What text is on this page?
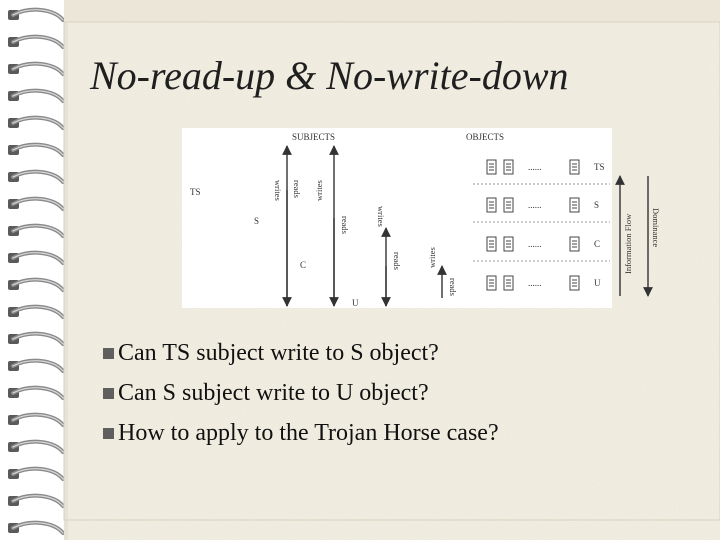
No-read-up & No-write-down
SUBJECTS	OBJECTS
TS
S
C
U
writes reads writes
reads	writes
reads	writes
reads
......	TS
......	S
......	C
......	U
Information Flow Dominance
Can TS subject write to S object?
Can S subject write to U object?
How to apply to the Trojan Horse case?
